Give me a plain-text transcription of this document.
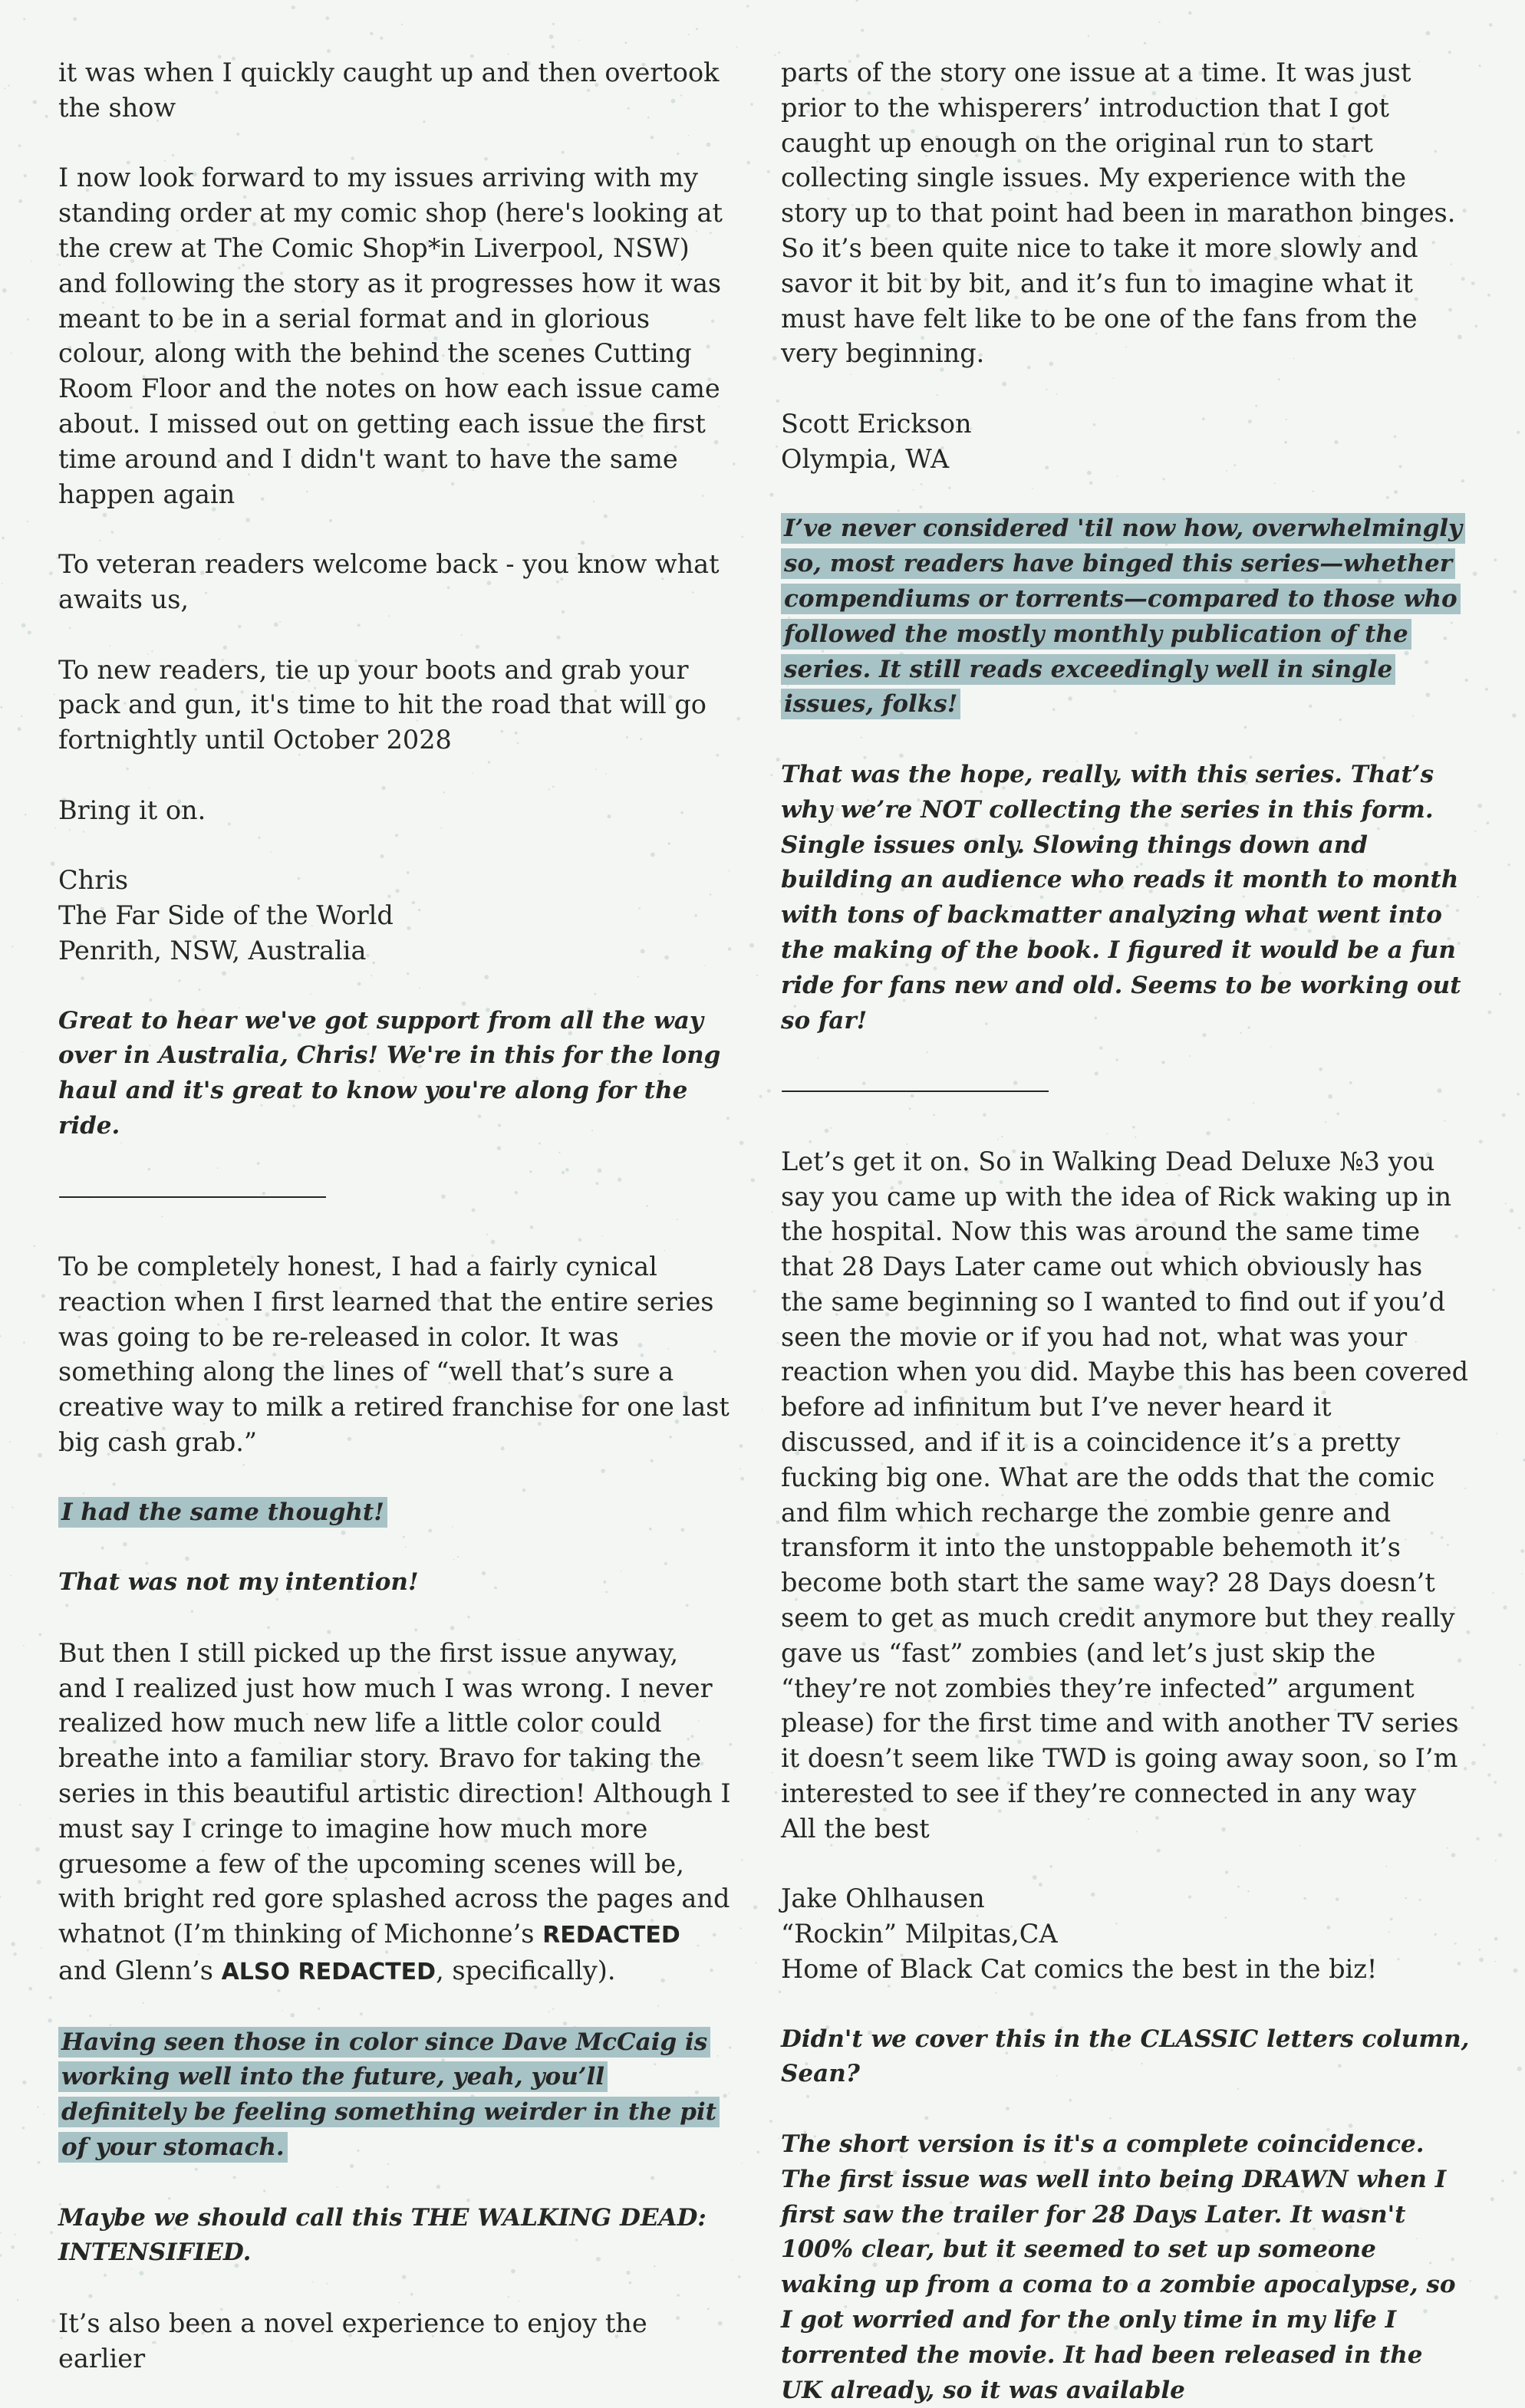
it was when I quickly caught up and then overtook the show

I now look forward to my issues arriving with my standing order at my comic shop (here's looking at the crew at The Comic Shop*in Liverpool, NSW) and following the story as it progresses how it was meant to be in a serial format and in glorious colour, along with the behind the scenes Cutting Room Floor and the notes on how each issue came about. I missed out on getting each issue the first time around and I didn't want to have the same happen again

To veteran readers welcome back - you know what awaits us,

To new readers, tie up your boots and grab your pack and gun, it's time to hit the road that will go fortnightly until October 2028

Bring it on.

Chris
The Far Side of the World
Penrith, NSW, Australia

Great to hear we've got support from all the way over in Australia, Chris! We're in this for the long haul and it's great to know you're along for the ride.

------------------------------------------------------------

To be completely honest, I had a fairly cynical reaction when I first learned that the entire series was going to be re-released in color. It was something along the lines of “well that’s sure a creative way to milk a retired franchise for one last big cash grab.”

I had the same thought!

That was not my intention!

But then I still picked up the first issue anyway, and I realized just how much I was wrong. I never realized how much new life a little color could breathe into a familiar story. Bravo for taking the series in this beautiful artistic direction! Although I must say I cringe to imagine how much more gruesome a few of the upcoming scenes will be, with bright red gore splashed across the pages and whatnot (I’m thinking of Michonne’s REDACTED and Glenn’s ALSO REDACTED, specifically).

Having seen those in color since Dave McCaig is working well into the future, yeah, you’ll definitely be feeling something weirder in the pit of your stomach.

Maybe we should call this THE WALKING DEAD: INTENSIFIED.

It’s also been a novel experience to enjoy the earlier

parts of the story one issue at a time. It was just prior to the whisperers’ introduction that I got caught up enough on the original run to start collecting single issues. My experience with the story up to that point had been in marathon binges. So it’s been quite nice to take it more slowly and savor it bit by bit, and it’s fun to imagine what it must have felt like to be one of the fans from the very beginning.

Scott Erickson
Olympia, WA

I’ve never considered 'til now how, overwhelmingly so, most readers have binged this series—whether compendiums or torrents—compared to those who followed the mostly monthly publication of the series. It still reads exceedingly well in single issues, folks!

That was the hope, really, with this series. That’s why we’re NOT collecting the series in this form. Single issues only. Slowing things down and building an audience who reads it month to month with tons of backmatter analyzing what went into the making of the book. I figured it would be a fun ride for fans new and old. Seems to be working out so far!

------------------------------------------------------------

Let’s get it on. So in Walking Dead Deluxe №3 you say you came up with the idea of Rick waking up in the hospital. Now this was around the same time that 28 Days Later came out which obviously has the same beginning so I wanted to find out if you’d seen the movie or if you had not, what was your reaction when you did. Maybe this has been covered before ad infinitum but I’ve never heard it discussed, and if it is a coincidence it’s a pretty fucking big one. What are the odds that the comic and film which recharge the zombie genre and transform it into the unstoppable behemoth it’s become both start the same way? 28 Days doesn’t seem to get as much credit anymore but they really gave us “fast” zombies (and let’s just skip the “they’re not zombies they’re infected” argument please) for the first time and with another TV series it doesn’t seem like TWD is going away soon, so I’m interested to see if they’re connected in any way

All the best

Jake Ohlhausen
“Rockin” Milpitas,CA
Home of Black Cat comics the best in the biz!

Didn't we cover this in the CLASSIC letters column, Sean?

The short version is it's a complete coincidence. The first issue was well into being DRAWN when I first saw the trailer for 28 Days Later. It wasn't 100% clear, but it seemed to set up someone waking up from a coma to a zombie apocalypse, so I got worried and for the only time in my life I torrented the movie. It had been released in the UK already, so it was available
